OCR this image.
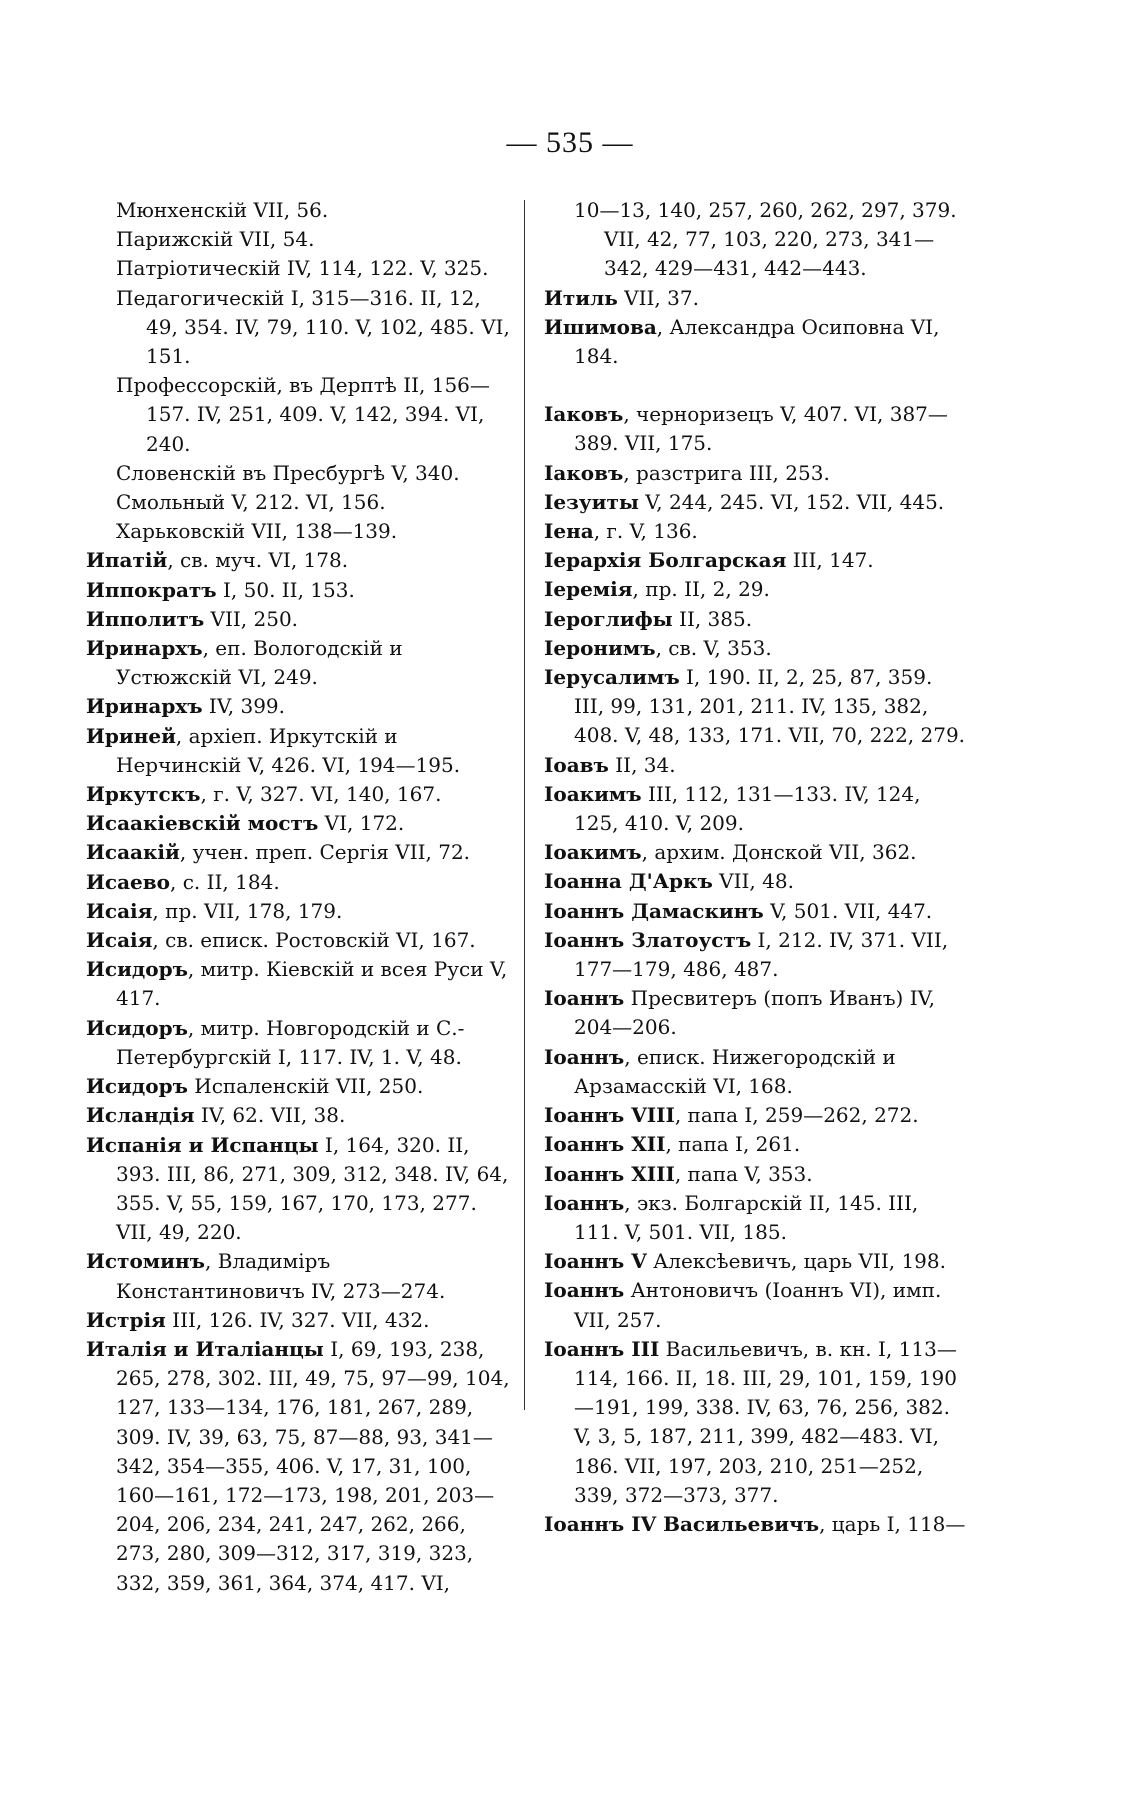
— 535 —
Мюнхенскій VII, 56.
Парижскій VII, 54.
Патріотическій IV, 114, 122. V, 325.
Педагогическій I, 315—316. II, 12, 49, 354. IV, 79, 110. V, 102, 485. VI, 151.
Профессорскій, въ Дерптѣ II, 156—157. IV, 251, 409. V, 142, 394. VI, 240.
Словенскій въ Пресбургѣ V, 340.
Смольный V, 212. VI, 156.
Харьковскій VII, 138—139.
Ипатій, св. муч. VI, 178.
Иппократъ I, 50. II, 153.
Ипполитъ VII, 250.
Иринархъ, еп. Вологодскій и Устюжскій VI, 249.
Иринархъ IV, 399.
Ириней, архіеп. Иркутскій и Нерчинскій V, 426. VI, 194—195.
Иркутскъ, г. V, 327. VI, 140, 167.
Исаакіевскій мостъ VI, 172.
Исаакій, учен. преп. Сергія VII, 72.
Исаево, с. II, 184.
Исаія, пр. VII, 178, 179.
Исаія, св. еписк. Ростовскій VI, 167.
Исидоръ, митр. Кіевскій и всея Руси V, 417.
Исидоръ, митр. Новгородскій и С.-Петербургскій I, 117. IV, 1. V, 48.
Исидоръ Испаленскій VII, 250.
Исландія IV, 62. VII, 38.
Испанія и Испанцы I, 164, 320. II, 393. III, 86, 271, 309, 312, 348. IV, 64, 355. V, 55, 159, 167, 170, 173, 277. VII, 49, 220.
Истоминъ, Владиміръ Константиновичъ IV, 273—274.
Истрія III, 126. IV, 327. VII, 432.
Италія и Италіанцы I, 69, 193, 238, 265, 278, 302. III, 49, 75, 97—99, 104, 127, 133—134, 176, 181, 267, 289, 309. IV, 39, 63, 75, 87—88, 93, 341—342, 354—355, 406. V, 17, 31, 100, 160—161, 172—173, 198, 201, 203—204, 206, 234, 241, 247, 262, 266, 273, 280, 309—312, 317, 319, 323, 332, 359, 361, 364, 374, 417. VI,
10—13, 140, 257, 260, 262, 297, 379. VII, 42, 77, 103, 220, 273, 341—342, 429—431, 442—443.
Итиль VII, 37.
Ишимова, Александра Осиповна VI, 184.
Іаковъ, черноризецъ V, 407. VI, 387—389. VII, 175.
Іаковъ, разстрига III, 253.
Іезуиты V, 244, 245. VI, 152. VII, 445.
Іена, г. V, 136.
Іерархія Болгарская III, 147.
Іеремія, пр. II, 2, 29.
Іероглифы II, 385.
Іеронимъ, св. V, 353.
Іерусалимъ I, 190. II, 2, 25, 87, 359. III, 99, 131, 201, 211. IV, 135, 382, 408. V, 48, 133, 171. VII, 70, 222, 279.
Іоавъ II, 34.
Іоакимъ III, 112, 131—133. IV, 124, 125, 410. V, 209.
Іоакимъ, архим. Донской VII, 362.
Іоанна Д'Аркъ VII, 48.
Іоаннъ Дамаскинъ V, 501. VII, 447.
Іоаннъ Златоустъ I, 212. IV, 371. VII, 177—179, 486, 487.
Іоаннъ Пресвитеръ (попъ Иванъ) IV, 204—206.
Іоаннъ, еписк. Нижегородскій и Арзамасскій VI, 168.
Іоаннъ VIII, папа I, 259—262, 272.
Іоаннъ XII, папа I, 261.
Іоаннъ XIII, папа V, 353.
Іоаннъ, экз. Болгарскій II, 145. III, 111. V, 501. VII, 185.
Іоаннъ V Алексѣевичъ, царь VII, 198.
Іоаннъ Антоновичъ (Іоаннъ VI), имп. VII, 257.
Іоаннъ III Васильевичъ, в. кн. I, 113—114, 166. II, 18. III, 29, 101, 159, 190—191, 199, 338. IV, 63, 76, 256, 382. V, 3, 5, 187, 211, 399, 482—483. VI, 186. VII, 197, 203, 210, 251—252, 339, 372—373, 377.
Іоаннъ IV Васильевичъ, царь I, 118—
